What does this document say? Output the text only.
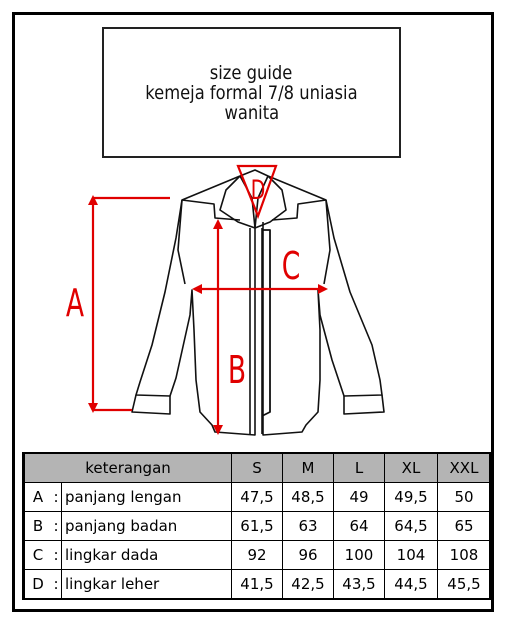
size guide
kemeja formal 7/8 uniasia
wanita
A
B
C
D
keterangan			S	M	L	XL	XXL
A	:	panjang lengan	47,5	48,5	49	49,5	50
B	:	panjang badan	61,5	63	64	64,5	65
C	:	lingkar dada	92	96	100	104	108
D	:	lingkar leher	41,5	42,5	43,5	44,5	45,5
